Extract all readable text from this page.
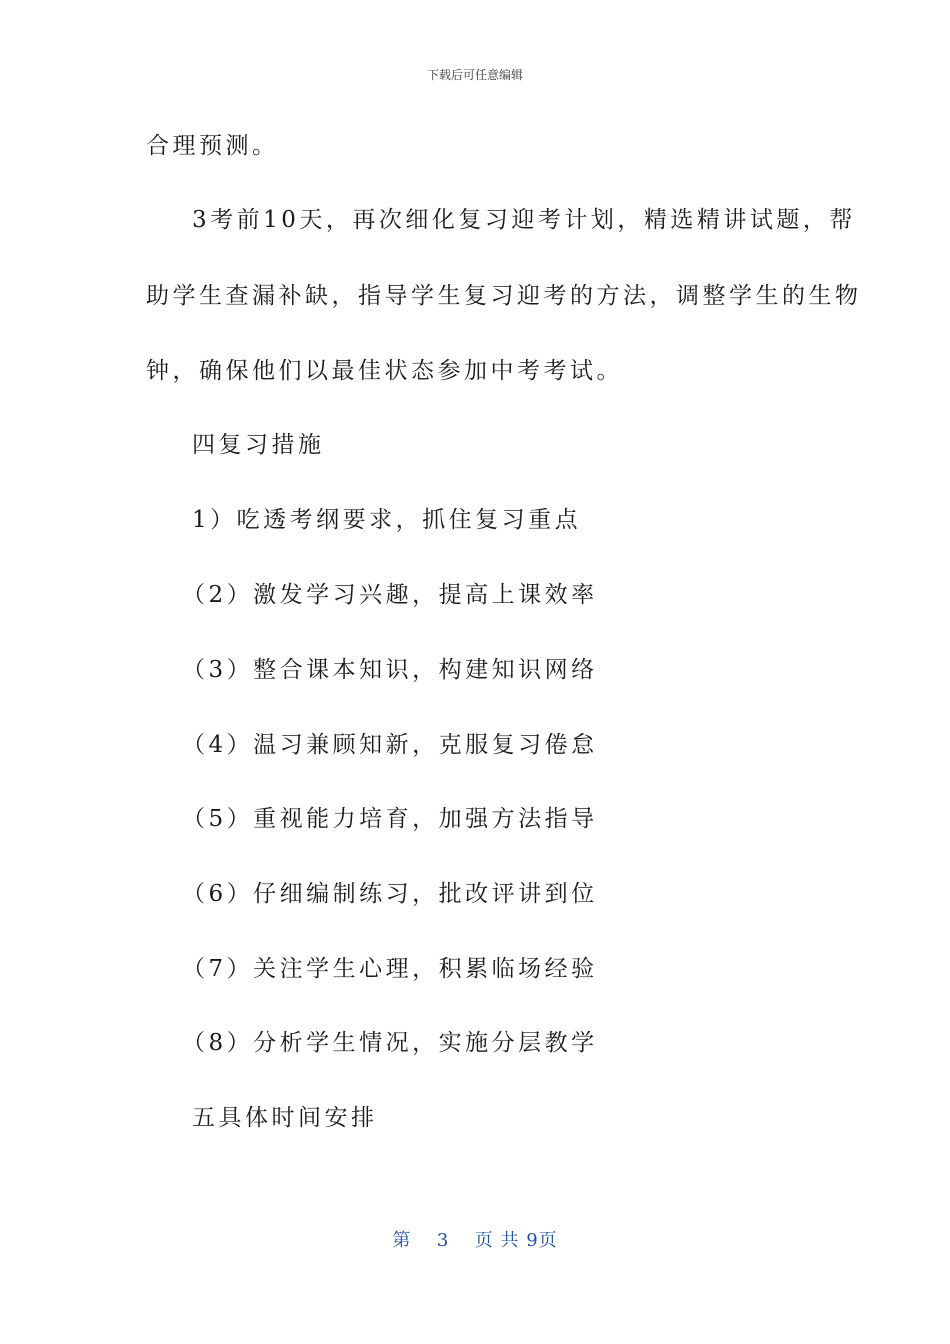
下载后可任意编辑
合理预测。
3考前10天，再次细化复习迎考计划，精选精讲试题，帮
助学生查漏补缺，指导学生复习迎考的方法，调整学生的生物
钟，确保他们以最佳状态参加中考考试。
四复习措施
1）吃透考纲要求，抓住复习重点
（2）激发学习兴趣，提高上课效率
（3）整合课本知识，构建知识网络
（4）温习兼顾知新，克服复习倦怠
（5）重视能力培育，加强方法指导
（6）仔细编制练习，批改评讲到位
（7）关注学生心理，积累临场经验
（8）分析学生情况，实施分层教学
五具体时间安排
第 3 页 共 9页
